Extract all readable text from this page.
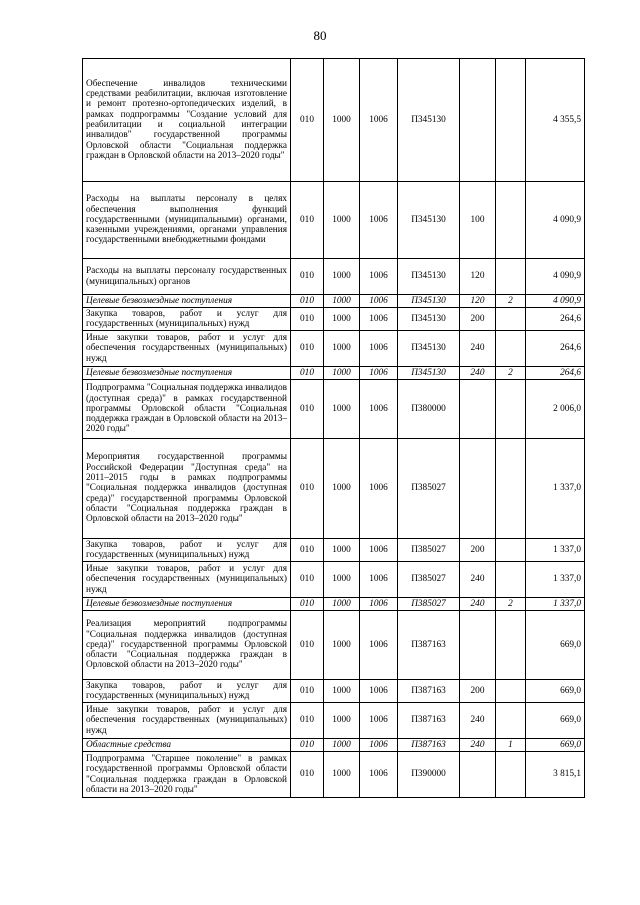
80
Обеспечение инвалидов техническими средствами реабилитации, включая изготовление и ремонт протезно-ортопедических изделий, в рамках подпрограммы "Создание условий для реабилитации и социальной интеграции инвалидов" государственной программы Орловской области "Социальная поддержка граждан в Орловской области на 2013–2020 годы"	010	1000	1006	П345130			4 355,5
Расходы на выплаты персоналу в целях обеспечения выполнения функций государственными (муниципальными) органами, казенными учреждениями, органами управления государственными внебюджетными фондами	010	1000	1006	П345130	100		4 090,9
Расходы на выплаты персоналу государственных (муниципальных) органов	010	1000	1006	П345130	120		4 090,9
Целевые безвозмездные поступления	010	1000	1006	П345130	120	2	4 090,9
Закупка товаров, работ и услуг для государственных (муниципальных) нужд	010	1000	1006	П345130	200		264,6
Иные закупки товаров, работ и услуг для обеспечения государственных (муниципальных) нужд	010	1000	1006	П345130	240		264,6
Целевые безвозмездные поступления	010	1000	1006	П345130	240	2	264,6
Подпрограмма "Социальная поддержка инвалидов (доступная среда)" в рамках государственной программы Орловской области "Социальная поддержка граждан в Орловской области на 2013–2020 годы"	010	1000	1006	П380000			2 006,0
Мероприятия государственной программы Российской Федерации "Доступная среда" на 2011–2015 годы в рамках подпрограммы "Социальная поддержка инвалидов (доступная среда)" государственной программы Орловской области "Социальная поддержка граждан в Орловской области на 2013–2020 годы"	010	1000	1006	П385027			1 337,0
Закупка товаров, работ и услуг для государственных (муниципальных) нужд	010	1000	1006	П385027	200		1 337,0
Иные закупки товаров, работ и услуг для обеспечения государственных (муниципальных) нужд	010	1000	1006	П385027	240		1 337,0
Целевые безвозмездные поступления	010	1000	1006	П385027	240	2	1 337,0
Реализация мероприятий подпрограммы "Социальная поддержка инвалидов (доступная среда)" государственной программы Орловской области "Социальная поддержка граждан в Орловской области на 2013–2020 годы"	010	1000	1006	П387163			669,0
Закупка товаров, работ и услуг для государственных (муниципальных) нужд	010	1000	1006	П387163	200		669,0
Иные закупки товаров, работ и услуг для обеспечения государственных (муниципальных) нужд	010	1000	1006	П387163	240		669,0
Областные средства	010	1000	1006	П387163	240	1	669,0
Подпрограмма "Старшее поколение" в рамках государственной программы Орловской области "Социальная поддержка граждан в Орловской области на 2013–2020 годы"	010	1000	1006	П390000			3 815,1
